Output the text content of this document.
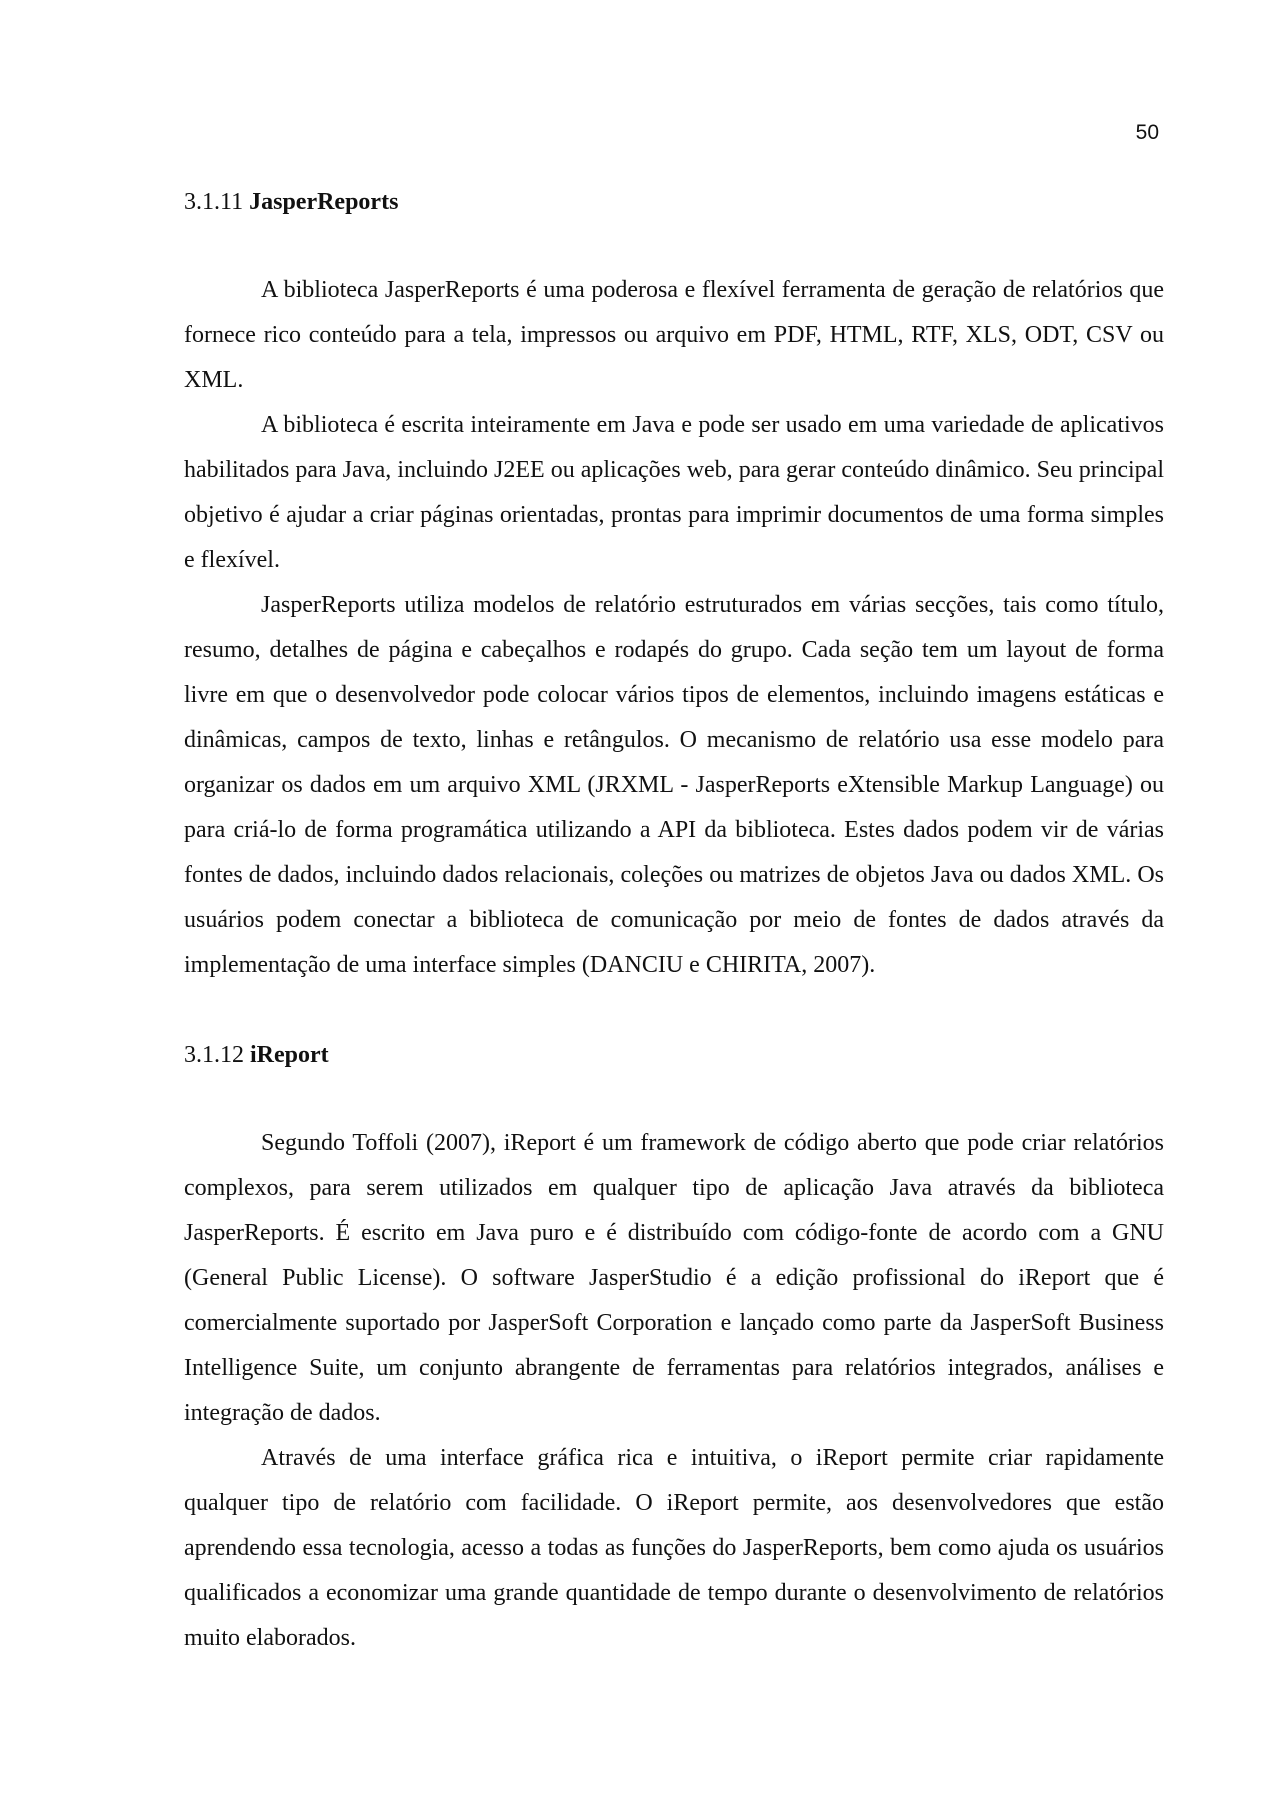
50
3.1.11 JasperReports

A biblioteca JasperReports é uma poderosa e flexível ferramenta de geração de relatórios que fornece rico conteúdo para a tela, impressos ou arquivo em PDF, HTML, RTF, XLS, ODT, CSV ou XML.

A biblioteca é escrita inteiramente em Java e pode ser usado em uma variedade de aplicativos habilitados para Java, incluindo J2EE ou aplicações web, para gerar conteúdo dinâmico. Seu principal objetivo é ajudar a criar páginas orientadas, prontas para imprimir documentos de uma forma simples e flexível.

JasperReports utiliza modelos de relatório estruturados em várias secções, tais como título, resumo, detalhes de página e cabeçalhos e rodapés do grupo. Cada seção tem um layout de forma livre em que o desenvolvedor pode colocar vários tipos de elementos, incluindo imagens estáticas e dinâmicas, campos de texto, linhas e retângulos. O mecanismo de relatório usa esse modelo para organizar os dados em um arquivo XML (JRXML - JasperReports eXtensible Markup Language) ou para criá-lo de forma programática utilizando a API da biblioteca. Estes dados podem vir de várias fontes de dados, incluindo dados relacionais, coleções ou matrizes de objetos Java ou dados XML. Os usuários podem conectar a biblioteca de comunicação por meio de fontes de dados através da implementação de uma interface simples (DANCIU e CHIRITA, 2007).

3.1.12 iReport

Segundo Toffoli (2007), iReport é um framework de código aberto que pode criar relatórios complexos, para serem utilizados em qualquer tipo de aplicação Java através da biblioteca JasperReports. É escrito em Java puro e é distribuído com código-fonte de acordo com a GNU (General Public License). O software JasperStudio é a edição profissional do iReport que é comercialmente suportado por JasperSoft Corporation e lançado como parte da JasperSoft Business Intelligence Suite, um conjunto abrangente de ferramentas para relatórios integrados, análises e integração de dados.

Através de uma interface gráfica rica e intuitiva, o iReport permite criar rapidamente qualquer tipo de relatório com facilidade. O iReport permite, aos desenvolvedores que estão aprendendo essa tecnologia, acesso a todas as funções do JasperReports, bem como ajuda os usuários qualificados a economizar uma grande quantidade de tempo durante o desenvolvimento de relatórios muito elaborados.
